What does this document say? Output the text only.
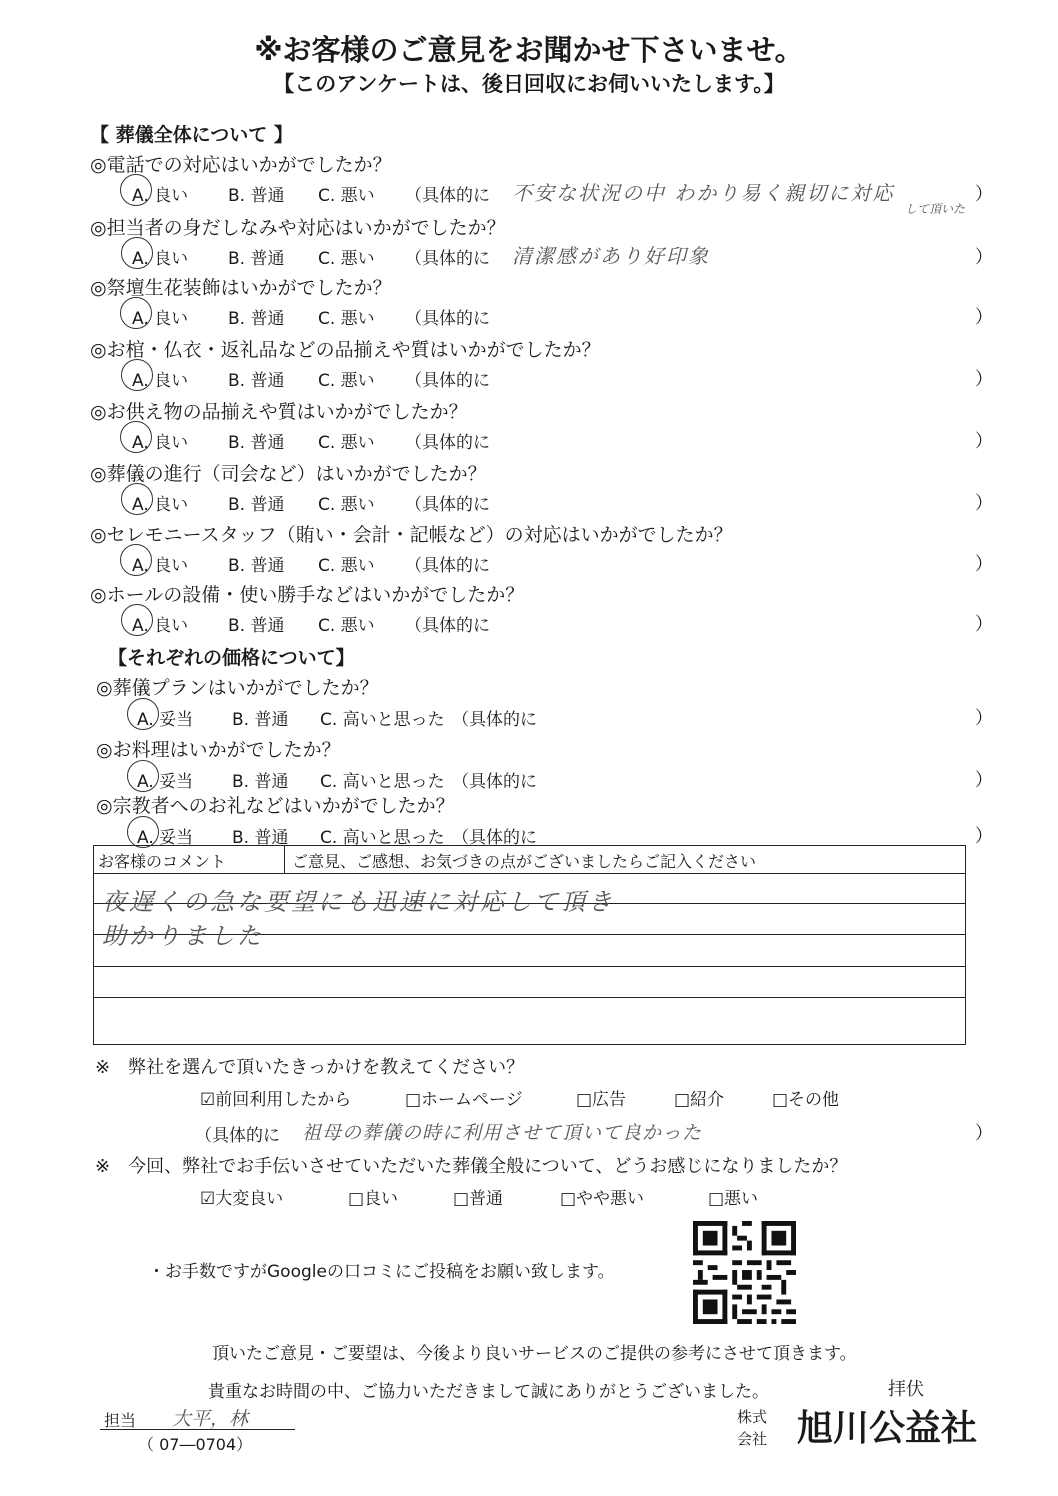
※お客様のご意見をお聞かせ下さいませ。
【このアンケートは、後日回収にお伺いいたします。】
【 葬儀全体について 】
◎電話での対応はいかがでしたか？
A. 良い B. 普通 C. 悪い （具体的に	）
不安な状況の中 わかり易く親切に対応
◎担当者の身だしなみや対応はいかがでしたか？
A. 良い B. 普通 C. 悪い （具体的に	）
清潔感があり好印象
◎祭壇生花装飾はいかがでしたか？
A. 良い B. 普通 C. 悪い （具体的に	）
◎お棺・仏衣・返礼品などの品揃えや質はいかがでしたか？
A. 良い B. 普通 C. 悪い （具体的に	）
◎お供え物の品揃えや質はいかがでしたか？
A. 良い B. 普通 C. 悪い （具体的に	）
◎葬儀の進行（司会など）はいかがでしたか？
A. 良い B. 普通 C. 悪い （具体的に	）
◎セレモニースタッフ（賄い・会計・記帳など）の対応はいかがでしたか？
A. 良い B. 普通 C. 悪い （具体的に	）
◎ホールの設備・使い勝手などはいかがでしたか？
A. 良い B. 普通 C. 悪い （具体的に	）
して頂いた
【それぞれの価格について】
◎葬儀プランはいかがでしたか？
A. 妥当 B. 普通 C. 高いと思った （具体的に	）
◎お料理はいかがでしたか？
A. 妥当 B. 普通 C. 高いと思った （具体的に	）
◎宗教者へのお礼などはいかがでしたか？
A. 妥当 B. 普通 C. 高いと思った （具体的に	）
お客様のコメント	ご意見、ご感想、お気づきの点がございましたらご記入ください
夜遅くの急な要望にも迅速に対応して頂き
助かりました
※　弊社を選んで頂いたきっかけを教えてください？
☑前回利用したから	□ホームページ	□広告	□紹介	□その他
（具体的に 祖母の葬儀の時に利用させて頂いて良かった	）
※　今回、弊社でお手伝いさせていただいた葬儀全般について、どうお感じになりましたか？
☑大変良い	□良い	□普通	□やや悪い	□悪い
・お手数ですがGoogleの口コミにご投稿をお願い致します。
頂いたご意見・ご要望は、今後より良いサービスのご提供の参考にさせて頂きます。
貴重なお時間の中、ご協力いただきまして誠にありがとうございました。	拝伏
担当 大平，林
（ 07―0704）
株式
会社 旭川公益社
